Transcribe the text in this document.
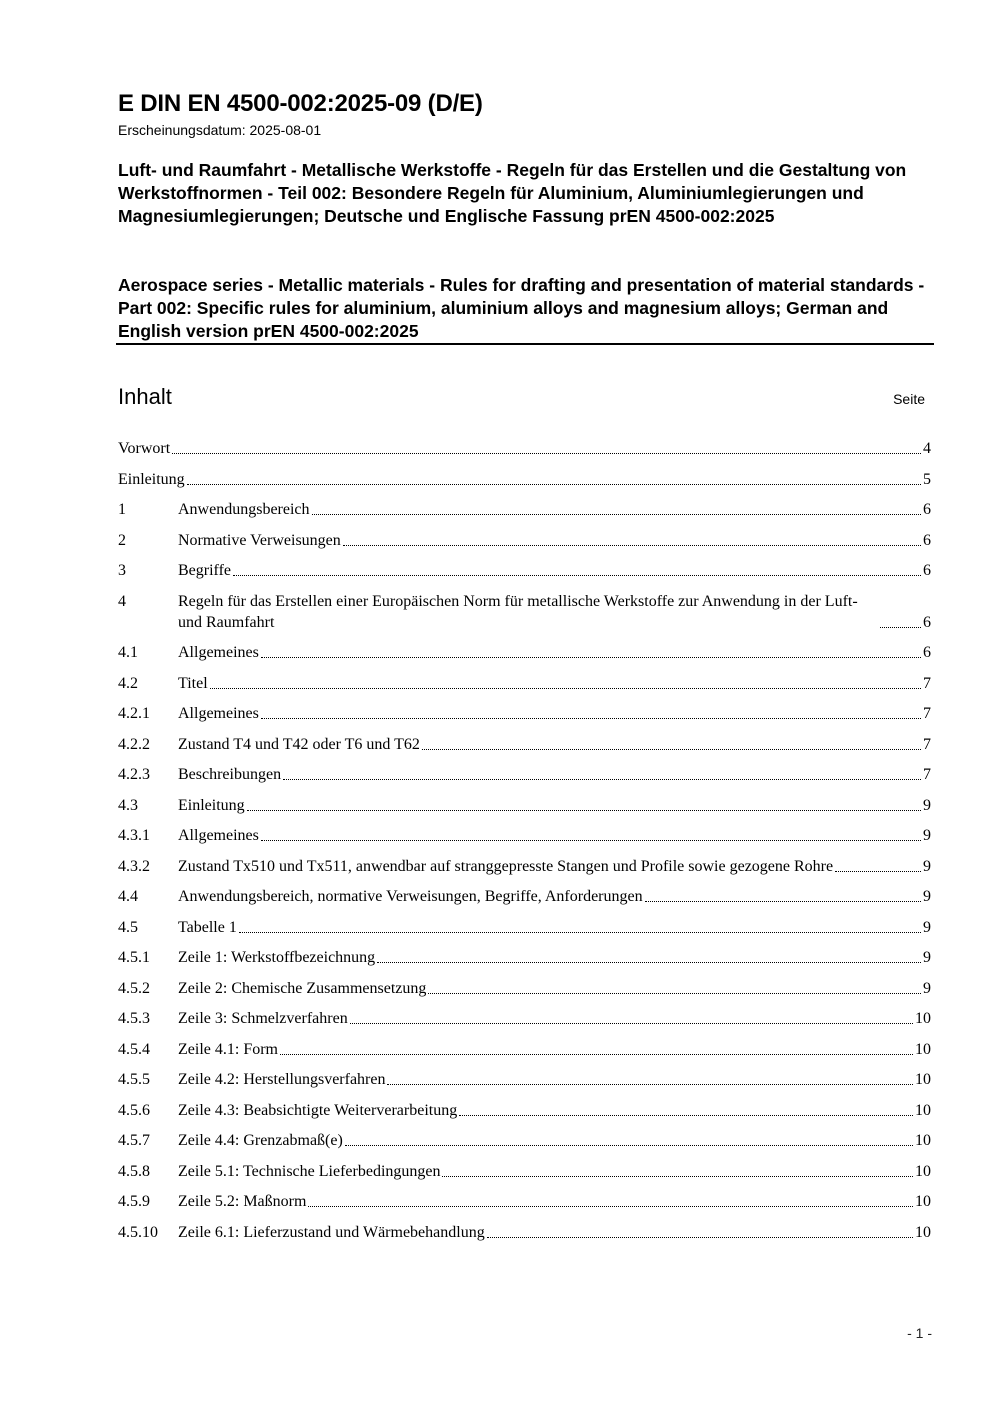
E DIN EN 4500-002:2025-09 (D/E)
Erscheinungsdatum: 2025-08-01
Luft- und Raumfahrt - Metallische Werkstoffe - Regeln für das Erstellen und die Gestaltung von Werkstoffnormen - Teil 002: Besondere Regeln für Aluminium, Aluminiumlegierungen und Magnesiumlegierungen; Deutsche und Englische Fassung prEN 4500-002:2025
Aerospace series - Metallic materials - Rules for drafting and presentation of material standards - Part 002: Specific rules for aluminium, aluminium alloys and magnesium alloys; German and English version prEN 4500-002:2025
Inhalt	Seite
Vorwort	4
Einleitung	5
1	Anwendungsbereich	6
2	Normative Verweisungen	6
3	Begriffe	6
4	Regeln für das Erstellen einer Europäischen Norm für metallische Werkstoffe zur Anwendung in der Luft- und Raumfahrt	6
4.1	Allgemeines	6
4.2	Titel	7
4.2.1	Allgemeines	7
4.2.2	Zustand T4 und T42 oder T6 und T62	7
4.2.3	Beschreibungen	7
4.3	Einleitung	9
4.3.1	Allgemeines	9
4.3.2	Zustand Tx510 und Tx511, anwendbar auf stranggepresste Stangen und Profile sowie gezogene Rohre	9
4.4	Anwendungsbereich, normative Verweisungen, Begriffe, Anforderungen	9
4.5	Tabelle 1	9
4.5.1	Zeile 1: Werkstoffbezeichnung	9
4.5.2	Zeile 2: Chemische Zusammensetzung	9
4.5.3	Zeile 3: Schmelzverfahren	10
4.5.4	Zeile 4.1: Form	10
4.5.5	Zeile 4.2: Herstellungsverfahren	10
4.5.6	Zeile 4.3: Beabsichtigte Weiterverarbeitung	10
4.5.7	Zeile 4.4: Grenzabmaß(e)	10
4.5.8	Zeile 5.1: Technische Lieferbedingungen	10
4.5.9	Zeile 5.2: Maßnorm	10
4.5.10	Zeile 6.1: Lieferzustand und Wärmebehandlung	10
- 1 -
